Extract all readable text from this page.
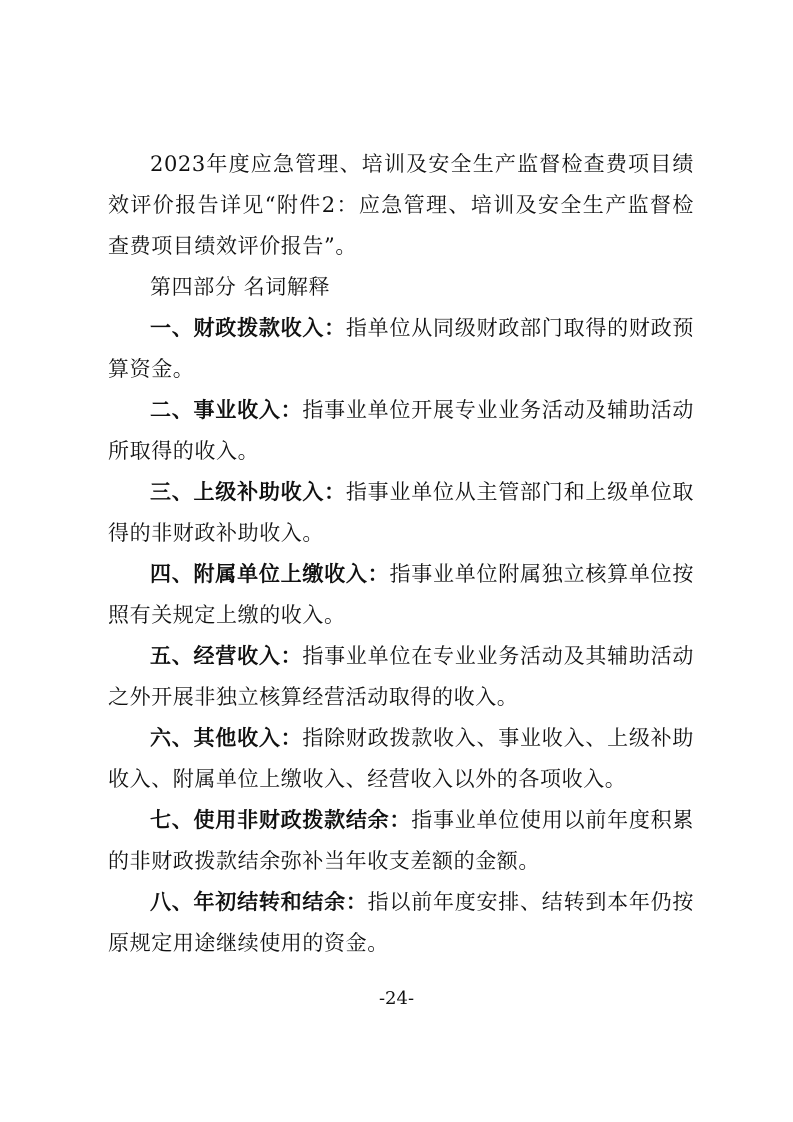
2023年度应急管理、培训及安全生产监督检查费项目绩效评价报告详见“附件2：应急管理、培训及安全生产监督检查费项目绩效评价报告”。

第四部分 名词解释

一、财政拨款收入：指单位从同级财政部门取得的财政预算资金。

二、事业收入：指事业单位开展专业业务活动及辅助活动所取得的收入。

三、上级补助收入：指事业单位从主管部门和上级单位取得的非财政补助收入。

四、附属单位上缴收入：指事业单位附属独立核算单位按照有关规定上缴的收入。

五、经营收入：指事业单位在专业业务活动及其辅助活动之外开展非独立核算经营活动取得的收入。

六、其他收入：指除财政拨款收入、事业收入、上级补助收入、附属单位上缴收入、经营收入以外的各项收入。

七、使用非财政拨款结余：指事业单位使用以前年度积累的非财政拨款结余弥补当年收支差额的金额。

八、年初结转和结余：指以前年度安排、结转到本年仍按原规定用途继续使用的资金。

-24-
